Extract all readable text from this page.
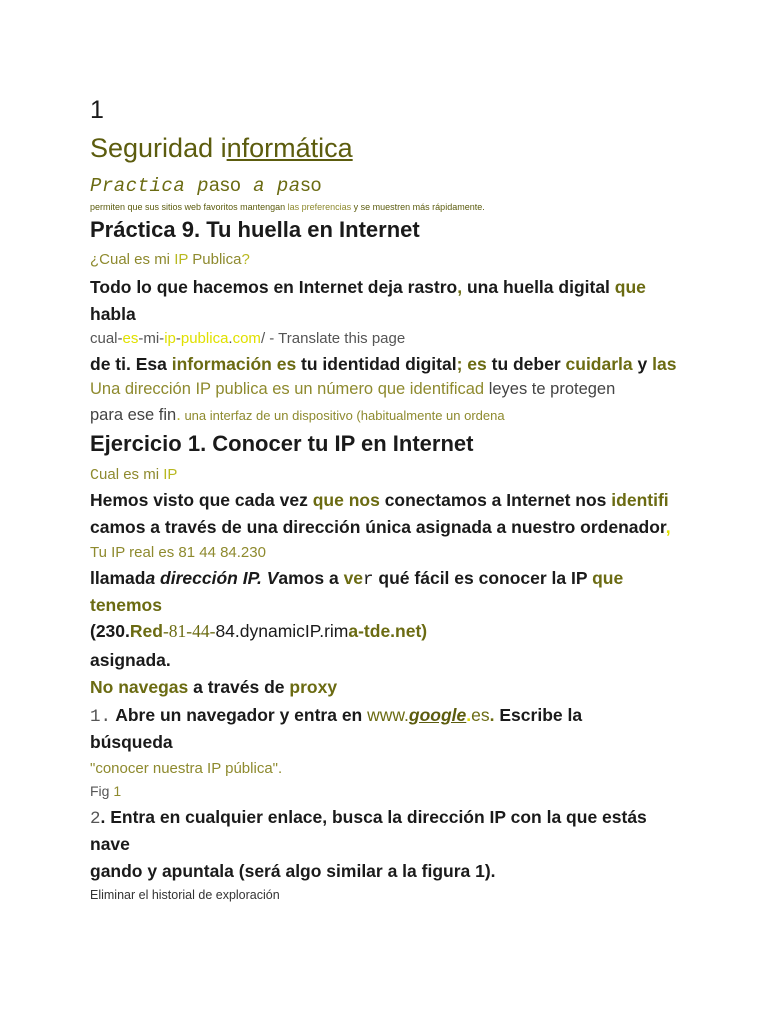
1
Seguridad informática
Practica paso a paso
permiten que sus sitios web favoritos mantengan las preferencias y se muestren más rápidamente.
Práctica 9. Tu huella en Internet
¿Cual es mi IP Publica?
Todo lo que hacemos en Internet deja rastro, una huella digital que
habla
cual-es-mi-ip-publica.com/ - Translate this page
de ti. Esa información es tu identidad digital; es tu deber cuidarla y las
Una dirección IP publica es un número que identificad leyes te protegen
para ese fin. una interfaz de un dispositivo (habitualmente un ordena
Ejercicio 1. Conocer tu IP en Internet
Cual es mi IP
Hemos visto que cada vez que nos conectamos a Internet nos identifi
camos a través de una dirección única asignada a nuestro ordenador,
Tu IP real es 81 44 84.230
llamada dirección IP. Vamos a ver qué fácil es conocer la IP que
tenemos
(230.Red-81-44-84.dynamicIP.rima-tde.net)
asignada.
No navegas a través de proxy
1. Abre un navegador y entra en www.google.es. Escribe la
búsqueda
"conocer nuestra IP pública".
Fig 1
2. Entra en cualquier enlace, busca la dirección IP con la que estás
nave
gando y apuntala (será algo similar a la figura 1).
Eliminar el historial de exploración
